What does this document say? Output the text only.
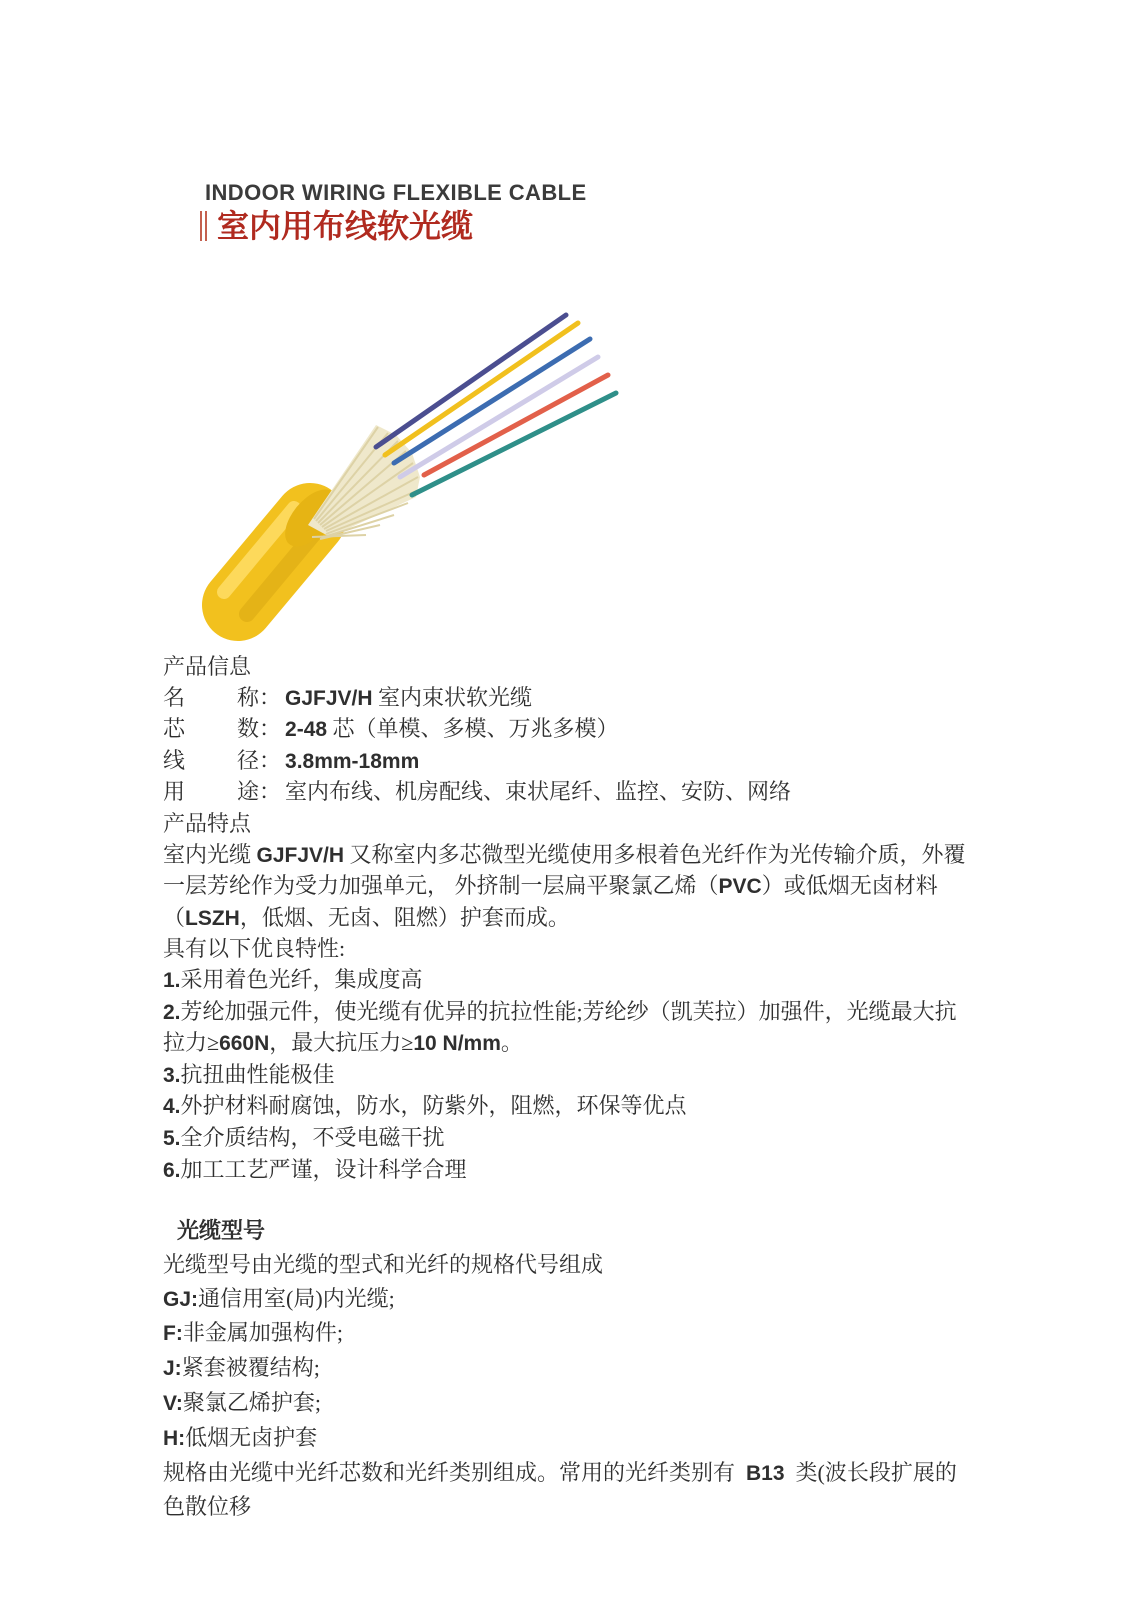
INDOOR WIRING FLEXIBLE CABLE
室内用布线软光缆
产品信息
名 称： GJFJV/H 室内束状软光缆
芯 数： 2-48 芯（单模、多模、万兆多模）
线 径： 3.8mm-18mm
用 途： 室内布线、机房配线、束状尾纤、监控、安防、网络
产品特点
室内光缆 GJFJV/H 又称室内多芯微型光缆使用多根着色光纤作为光传输介质，外覆一层芳纶作为受力加强单元， 外挤制一层扁平聚氯乙烯（PVC）或低烟无卤材料（LSZH，低烟、无卤、阻燃）护套而成。
具有以下优良特性:
1.采用着色光纤，集成度高
2.芳纶加强元件，使光缆有优异的抗拉性能;芳纶纱（凯芙拉）加强件，光缆最大抗拉力≥660N，最大抗压力≥10 N/mm。
3.抗扭曲性能极佳
4.外护材料耐腐蚀，防水，防紫外，阻燃，环保等优点
5.全介质结构，不受电磁干扰
6.加工工艺严谨，设计科学合理
光缆型号
光缆型号由光缆的型式和光纤的规格代号组成
GJ:通信用室(局)内光缆;
F:非金属加强构件;
J:紧套被覆结构;
V:聚氯乙烯护套;
H:低烟无卤护套
规格由光缆中光纤芯数和光纤类别组成。常用的光纤类别有  B13  类(波长段扩展的色散位移
